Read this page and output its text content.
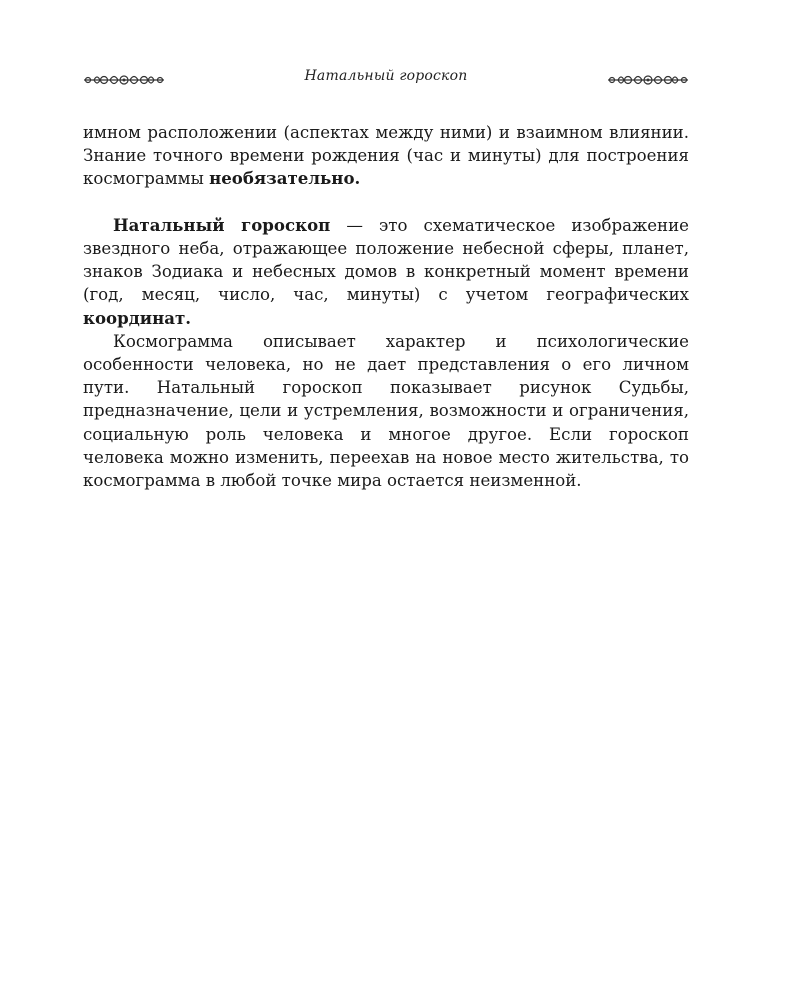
Натальный гороскоп

имном расположении (аспектах между ними) и взаимном влиянии. Знание точного времени рождения (час и минуты) для построения космограммы необязательно.

Натальный гороскоп — это схематическое изображение звездного неба, отражающее положение небесной сферы, планет, знаков Зодиака и небесных домов в конкретный момент времени (год, месяц, число, час, минуты) с учетом географических координат.

Космограмма описывает характер и психологические особенности человека, но не дает представления о его личном пути. Натальный гороскоп показывает рисунок Судьбы, предназначение, цели и устремления, возможности и ограничения, социальную роль человека и многое другое. Если гороскоп человека можно изменить, переехав на новое место жительства, то космограмма в любой точке мира остается неизменной.
